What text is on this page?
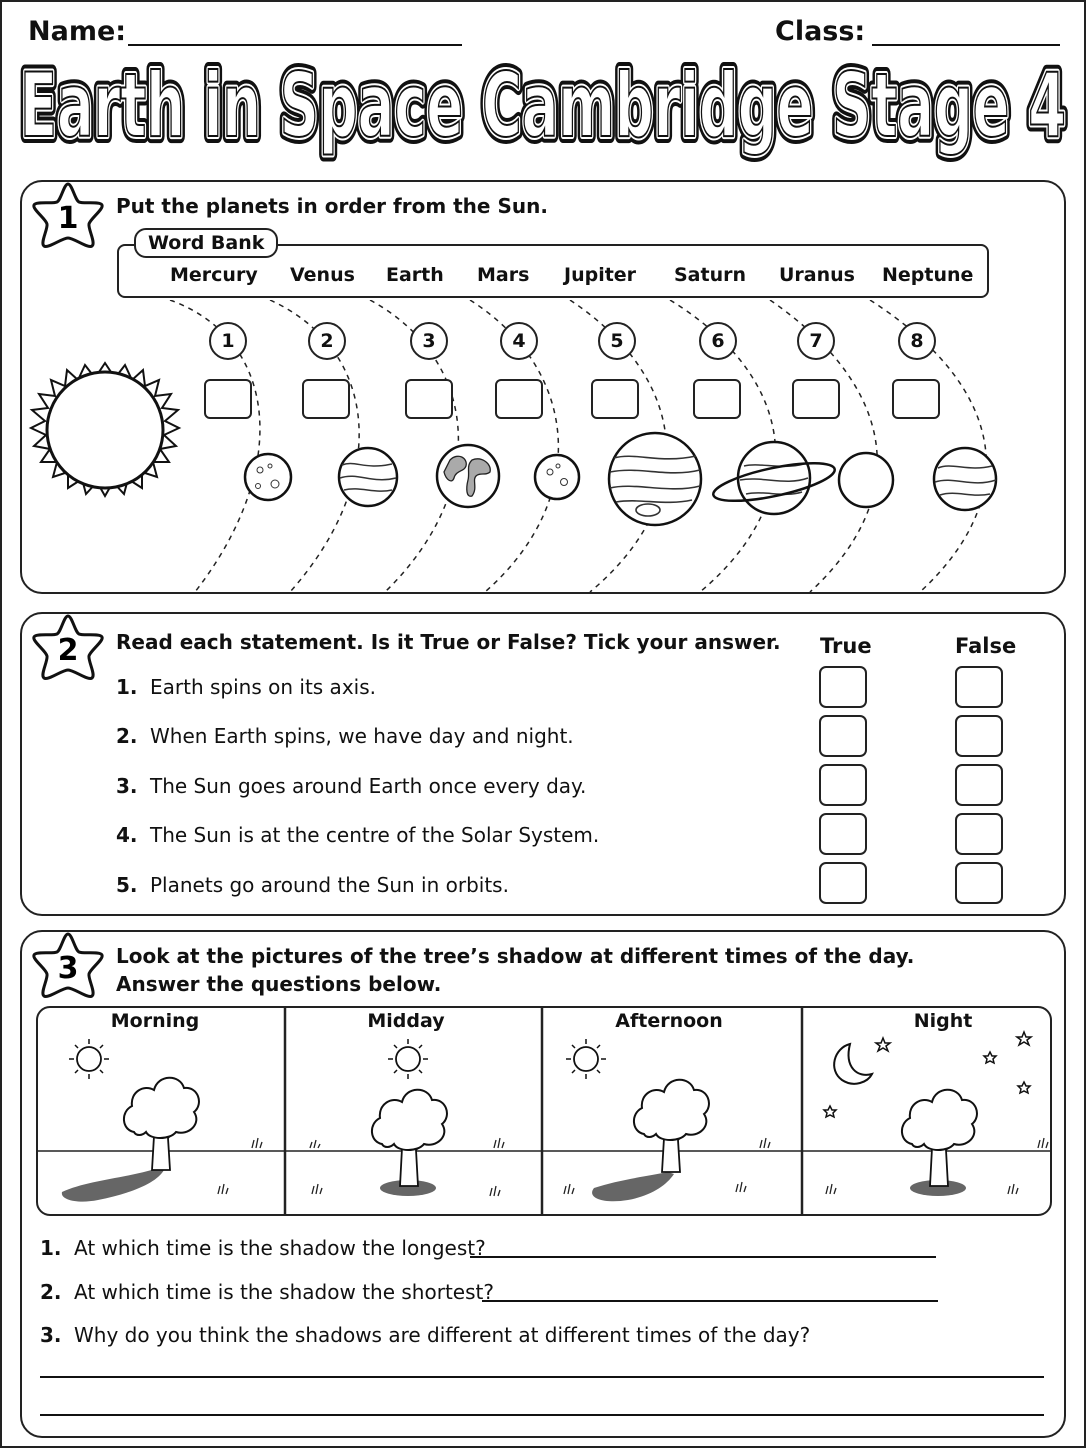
Name:	Class:
Earth in Space Cambridge Stage 4
Earth in Space Cambridge Stage 4
Earth in Space Cambridge Stage 4
1 Put the planets in order from the Sun.
Word Bank
Mercury Venus Earth Mars Jupiter Saturn Uranus Neptune
1	2	3	4	5	6	7	8
2 Read each statement. Is it True or False? Tick your answer. True	False
1. Earth spins on its axis.
2. When Earth spins, we have day and night.
3. The Sun goes around Earth once every day.
4. The Sun is at the centre of the Solar System.
5. Planets go around the Sun in orbits.
3 Look at the pictures of the tree’s shadow at different times of the day.
Answer the questions below.
Morning	Midday	Afternoon	Night
1. At which time is the shadow the longest?
2. At which time is the shadow the shortest?
3. Why do you think the shadows are different at different times of the day?
